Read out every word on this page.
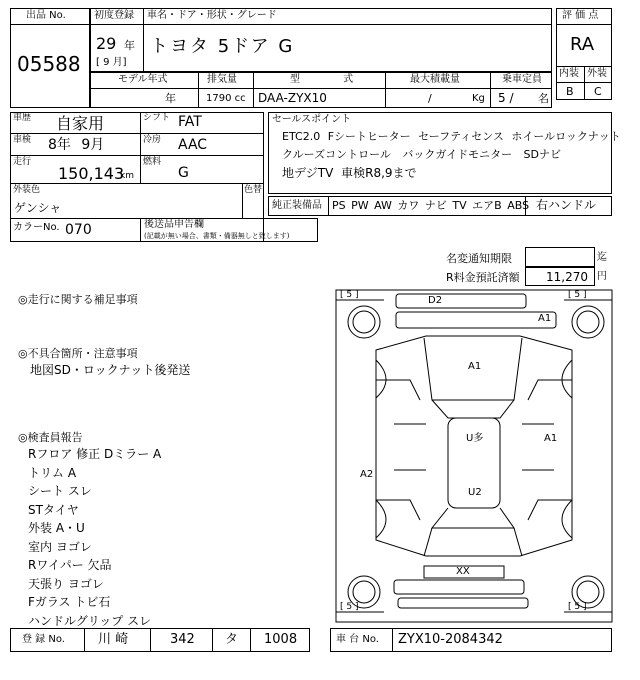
出品 No.
05588
初度登録 車名・ドア・形状・グレード
29 年
[ 9 月]
トヨタ 5ドア G
評 価 点
RA
内装 外装
B C
モデル年式	排気量	型 式	最大積載量	乗車定員
年	1790 cc DAA-ZYX10	/	Kg 5 / 名
車歴 自家用	シフト FAT
車検 8年 9月	冷房 AAC
走行
150,143
km
燃料
G
外装色
ゲンシャ
色替
カラーNo. 070	後送品申告欄
(記載が無い場合、書類・備器無しと致します)
セールスポイント
ETC2.0 Fシートヒーター セーフティセンス ホイールロックナット
クルーズコントロール バックガイドモニター SDナビ
地デジTV 車検R8,9まで
純正装備品 PS PW AW カワ ナビ TV エアB ABS 右ハンドル
名変通知期限	迄
R料金預託済額 11,270 円
◎走行に関する補足事項
◎不具合箇所・注意事項
地図SD・ロックナット後発送
◎検査員報告
Rフロア 修正 Dミラー A
トリム A
シート スレ
STタイヤ
外装 A・U
室内 ヨゴレ
Rワイパー 欠品
天張り ヨゴレ
Fガラス トビ石
ハンドルグリップ スレ
[ 5 ]	[ 5 ]
[ 5 ]	[ 5 ]
D2
A1
A1
U多	A1
A2
U2
XX
登 録 No.	川 崎	342 タ 1008	車 台 No. ZYX10-2084342
